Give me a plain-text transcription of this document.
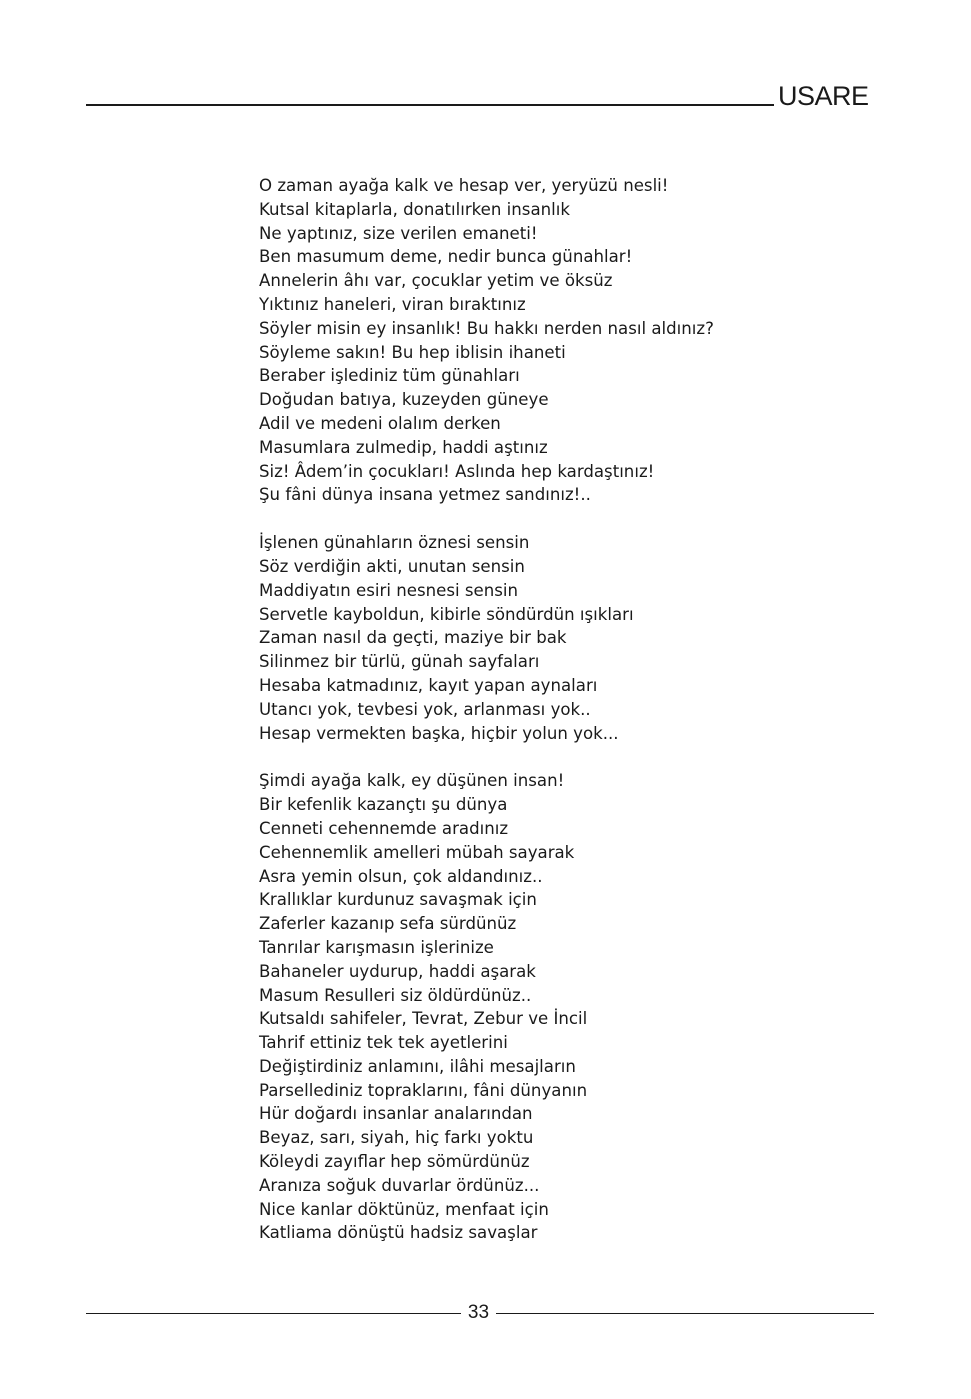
USARE
O zaman ayağa kalk ve hesap ver, yeryüzü nesli!
Kutsal kitaplarla, donatılırken insanlık
Ne yaptınız, size verilen emaneti!
Ben masumum deme, nedir bunca günahlar!
Annelerin âhı var, çocuklar yetim ve öksüz
Yıktınız haneleri, viran bıraktınız
Söyler misin ey insanlık! Bu hakkı nerden nasıl aldınız?
Söyleme sakın! Bu hep iblisin ihaneti
Beraber işlediniz tüm günahları
Doğudan batıya, kuzeyden güneye
Adil ve medeni olalım derken
Masumlara zulmedip, haddi aştınız
Siz! Âdem’in çocukları! Aslında hep kardaştınız!
Şu fâni dünya insana yetmez sandınız!..
İşlenen günahların öznesi sensin
Söz verdiğin akti, unutan sensin
Maddiyatın esiri nesnesi sensin
Servetle kayboldun, kibirle söndürdün ışıkları
Zaman nasıl da geçti, maziye bir bak
Silinmez bir türlü, günah sayfaları
Hesaba katmadınız, kayıt yapan aynaları
Utancı yok, tevbesi yok, arlanması yok..
Hesap vermekten başka, hiçbir yolun yok...
Şimdi ayağa kalk, ey düşünen insan!
Bir kefenlik kazançtı şu dünya
Cenneti cehennemde aradınız
Cehennemlik amelleri mübah sayarak
Asra yemin olsun, çok aldandınız..
Krallıklar kurdunuz savaşmak için
Zaferler kazanıp sefa sürdünüz
Tanrılar karışmasın işlerinize
Bahaneler uydurup, haddi aşarak
Masum Resulleri siz öldürdünüz..
Kutsaldı sahifeler, Tevrat, Zebur ve İncil
Tahrif ettiniz tek tek ayetlerini
Değiştirdiniz anlamını, ilâhi mesajların
Parsellediniz topraklarını, fâni dünyanın
Hür doğardı insanlar analarından
Beyaz, sarı, siyah, hiç farkı yoktu
Köleydi zayıflar hep sömürdünüz
Aranıza soğuk duvarlar ördünüz...
Nice kanlar döktünüz, menfaat için
Katliama dönüştü hadsiz savaşlar
33
